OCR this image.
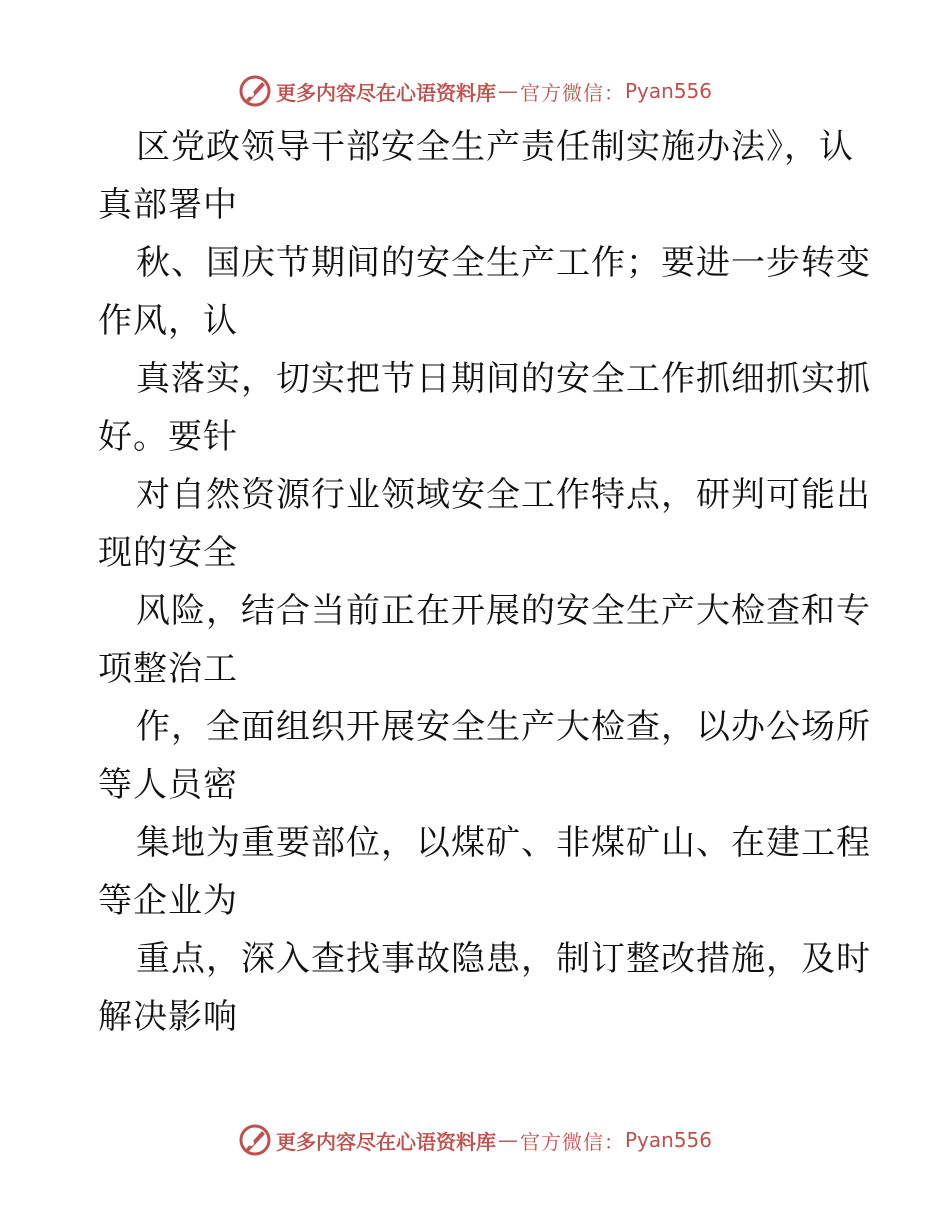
更多内容尽在心语资料库 — 官方微信： Pyan556

区党政领导干部安全生产责任制实施办法》，认
真部署中

秋、国庆节期间的安全生产工作；要进一步转变
作风，认

真落实，切实把节日期间的安全工作抓细抓实抓
好。要针

对自然资源行业领域安全工作特点，研判可能出
现的安全

风险，结合当前正在开展的安全生产大检查和专
项整治工

作，全面组织开展安全生产大检查，以办公场所
等人员密

集地为重要部位，以煤矿、非煤矿山、在建工程
等企业为

重点，深入查找事故隐患，制订整改措施，及时
解决影响

更多内容尽在心语资料库 — 官方微信： Pyan556
